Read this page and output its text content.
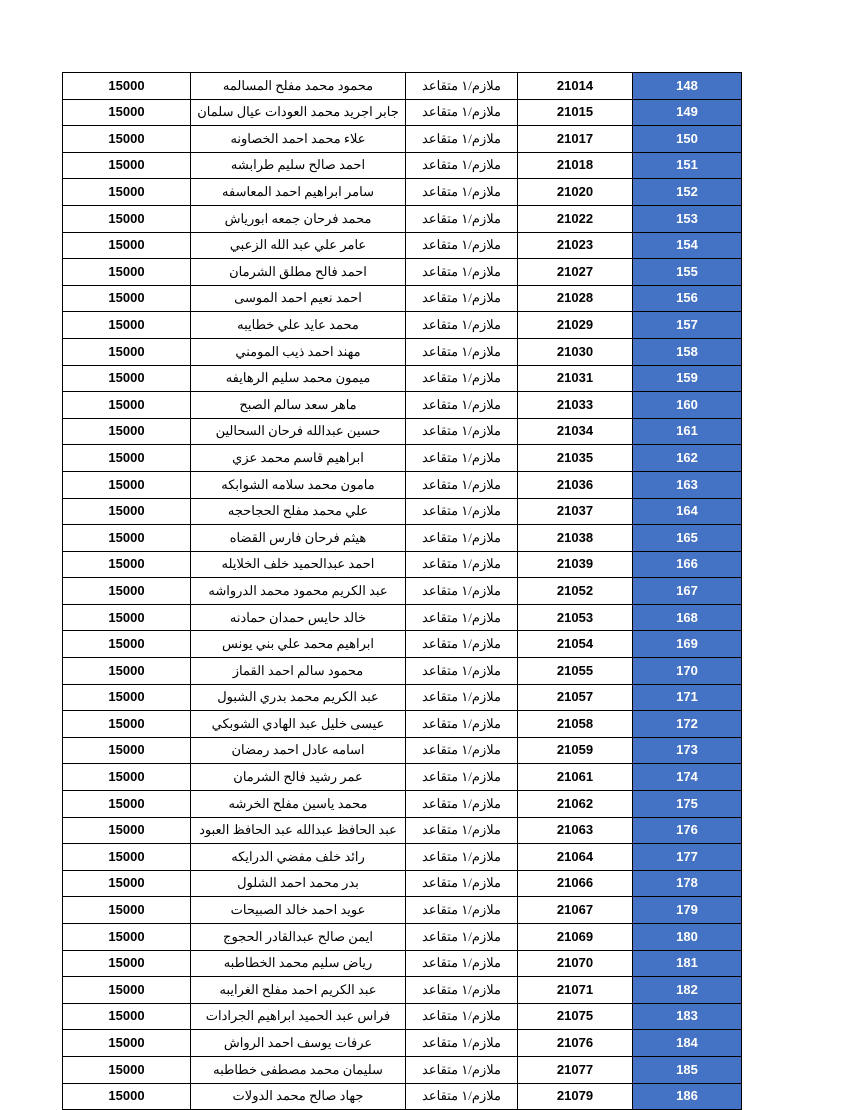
148	21014	ملازم/١ متقاعد	محمود محمد مفلح المسالمه	15000
149	21015	ملازم/١ متقاعد	جابر اجريد محمد العودات عيال سلمان	15000
150	21017	ملازم/١ متقاعد	علاء محمد احمد الخصاونه	15000
151	21018	ملازم/١ متقاعد	احمد صالح سليم طرابشه	15000
152	21020	ملازم/١ متقاعد	سامر ابراهيم احمد المعاسفه	15000
153	21022	ملازم/١ متقاعد	محمد فرحان جمعه ابورياش	15000
154	21023	ملازم/١ متقاعد	عامر علي عبد الله الزعبي	15000
155	21027	ملازم/١ متقاعد	احمد فالح مطلق الشرمان	15000
156	21028	ملازم/١ متقاعد	احمد نعيم احمد الموسى	15000
157	21029	ملازم/١ متقاعد	محمد عايد علي خطايبه	15000
158	21030	ملازم/١ متقاعد	مهند احمد ذيب المومني	15000
159	21031	ملازم/١ متقاعد	ميمون محمد سليم الرهايفه	15000
160	21033	ملازم/١ متقاعد	ماهر سعد سالم الصبح	15000
161	21034	ملازم/١ متقاعد	حسين عبدالله فرحان السحالين	15000
162	21035	ملازم/١ متقاعد	ابراهيم قاسم محمد عزي	15000
163	21036	ملازم/١ متقاعد	مامون محمد سلامه الشوابكه	15000
164	21037	ملازم/١ متقاعد	علي محمد مفلح الحجاحجه	15000
165	21038	ملازم/١ متقاعد	هيثم فرحان فارس القضاه	15000
166	21039	ملازم/١ متقاعد	احمد عبدالحميد خلف الخلايله	15000
167	21052	ملازم/١ متقاعد	عبد الكريم محمود محمد الدرواشه	15000
168	21053	ملازم/١ متقاعد	خالد حايس حمدان حمادنه	15000
169	21054	ملازم/١ متقاعد	ابراهيم محمد علي بني يونس	15000
170	21055	ملازم/١ متقاعد	محمود سالم احمد القماز	15000
171	21057	ملازم/١ متقاعد	عبد الكريم محمد بدري الشبول	15000
172	21058	ملازم/١ متقاعد	عيسى خليل عبد الهادي الشوبكي	15000
173	21059	ملازم/١ متقاعد	اسامه عادل احمد رمضان	15000
174	21061	ملازم/١ متقاعد	عمر رشيد فالح الشرمان	15000
175	21062	ملازم/١ متقاعد	محمد ياسين مفلح الخرشه	15000
176	21063	ملازم/١ متقاعد	عبد الحافظ عبدالله عبد الحافظ العبود	15000
177	21064	ملازم/١ متقاعد	رائد خلف مفضي الدرايكه	15000
178	21066	ملازم/١ متقاعد	بدر محمد احمد الشلول	15000
179	21067	ملازم/١ متقاعد	عويد احمد خالد الصبيحات	15000
180	21069	ملازم/١ متقاعد	ايمن صالح عبدالقادر الحجوج	15000
181	21070	ملازم/١ متقاعد	رياض سليم محمد الخطاطبه	15000
182	21071	ملازم/١ متقاعد	عبد الكريم احمد مفلح الغرايبه	15000
183	21075	ملازم/١ متقاعد	فراس عبد الحميد ابراهيم الجرادات	15000
184	21076	ملازم/١ متقاعد	عرفات يوسف احمد الرواش	15000
185	21077	ملازم/١ متقاعد	سليمان محمد مصطفى خطاطبه	15000
186	21079	ملازم/١ متقاعد	جهاد صالح محمد الدولات	15000
